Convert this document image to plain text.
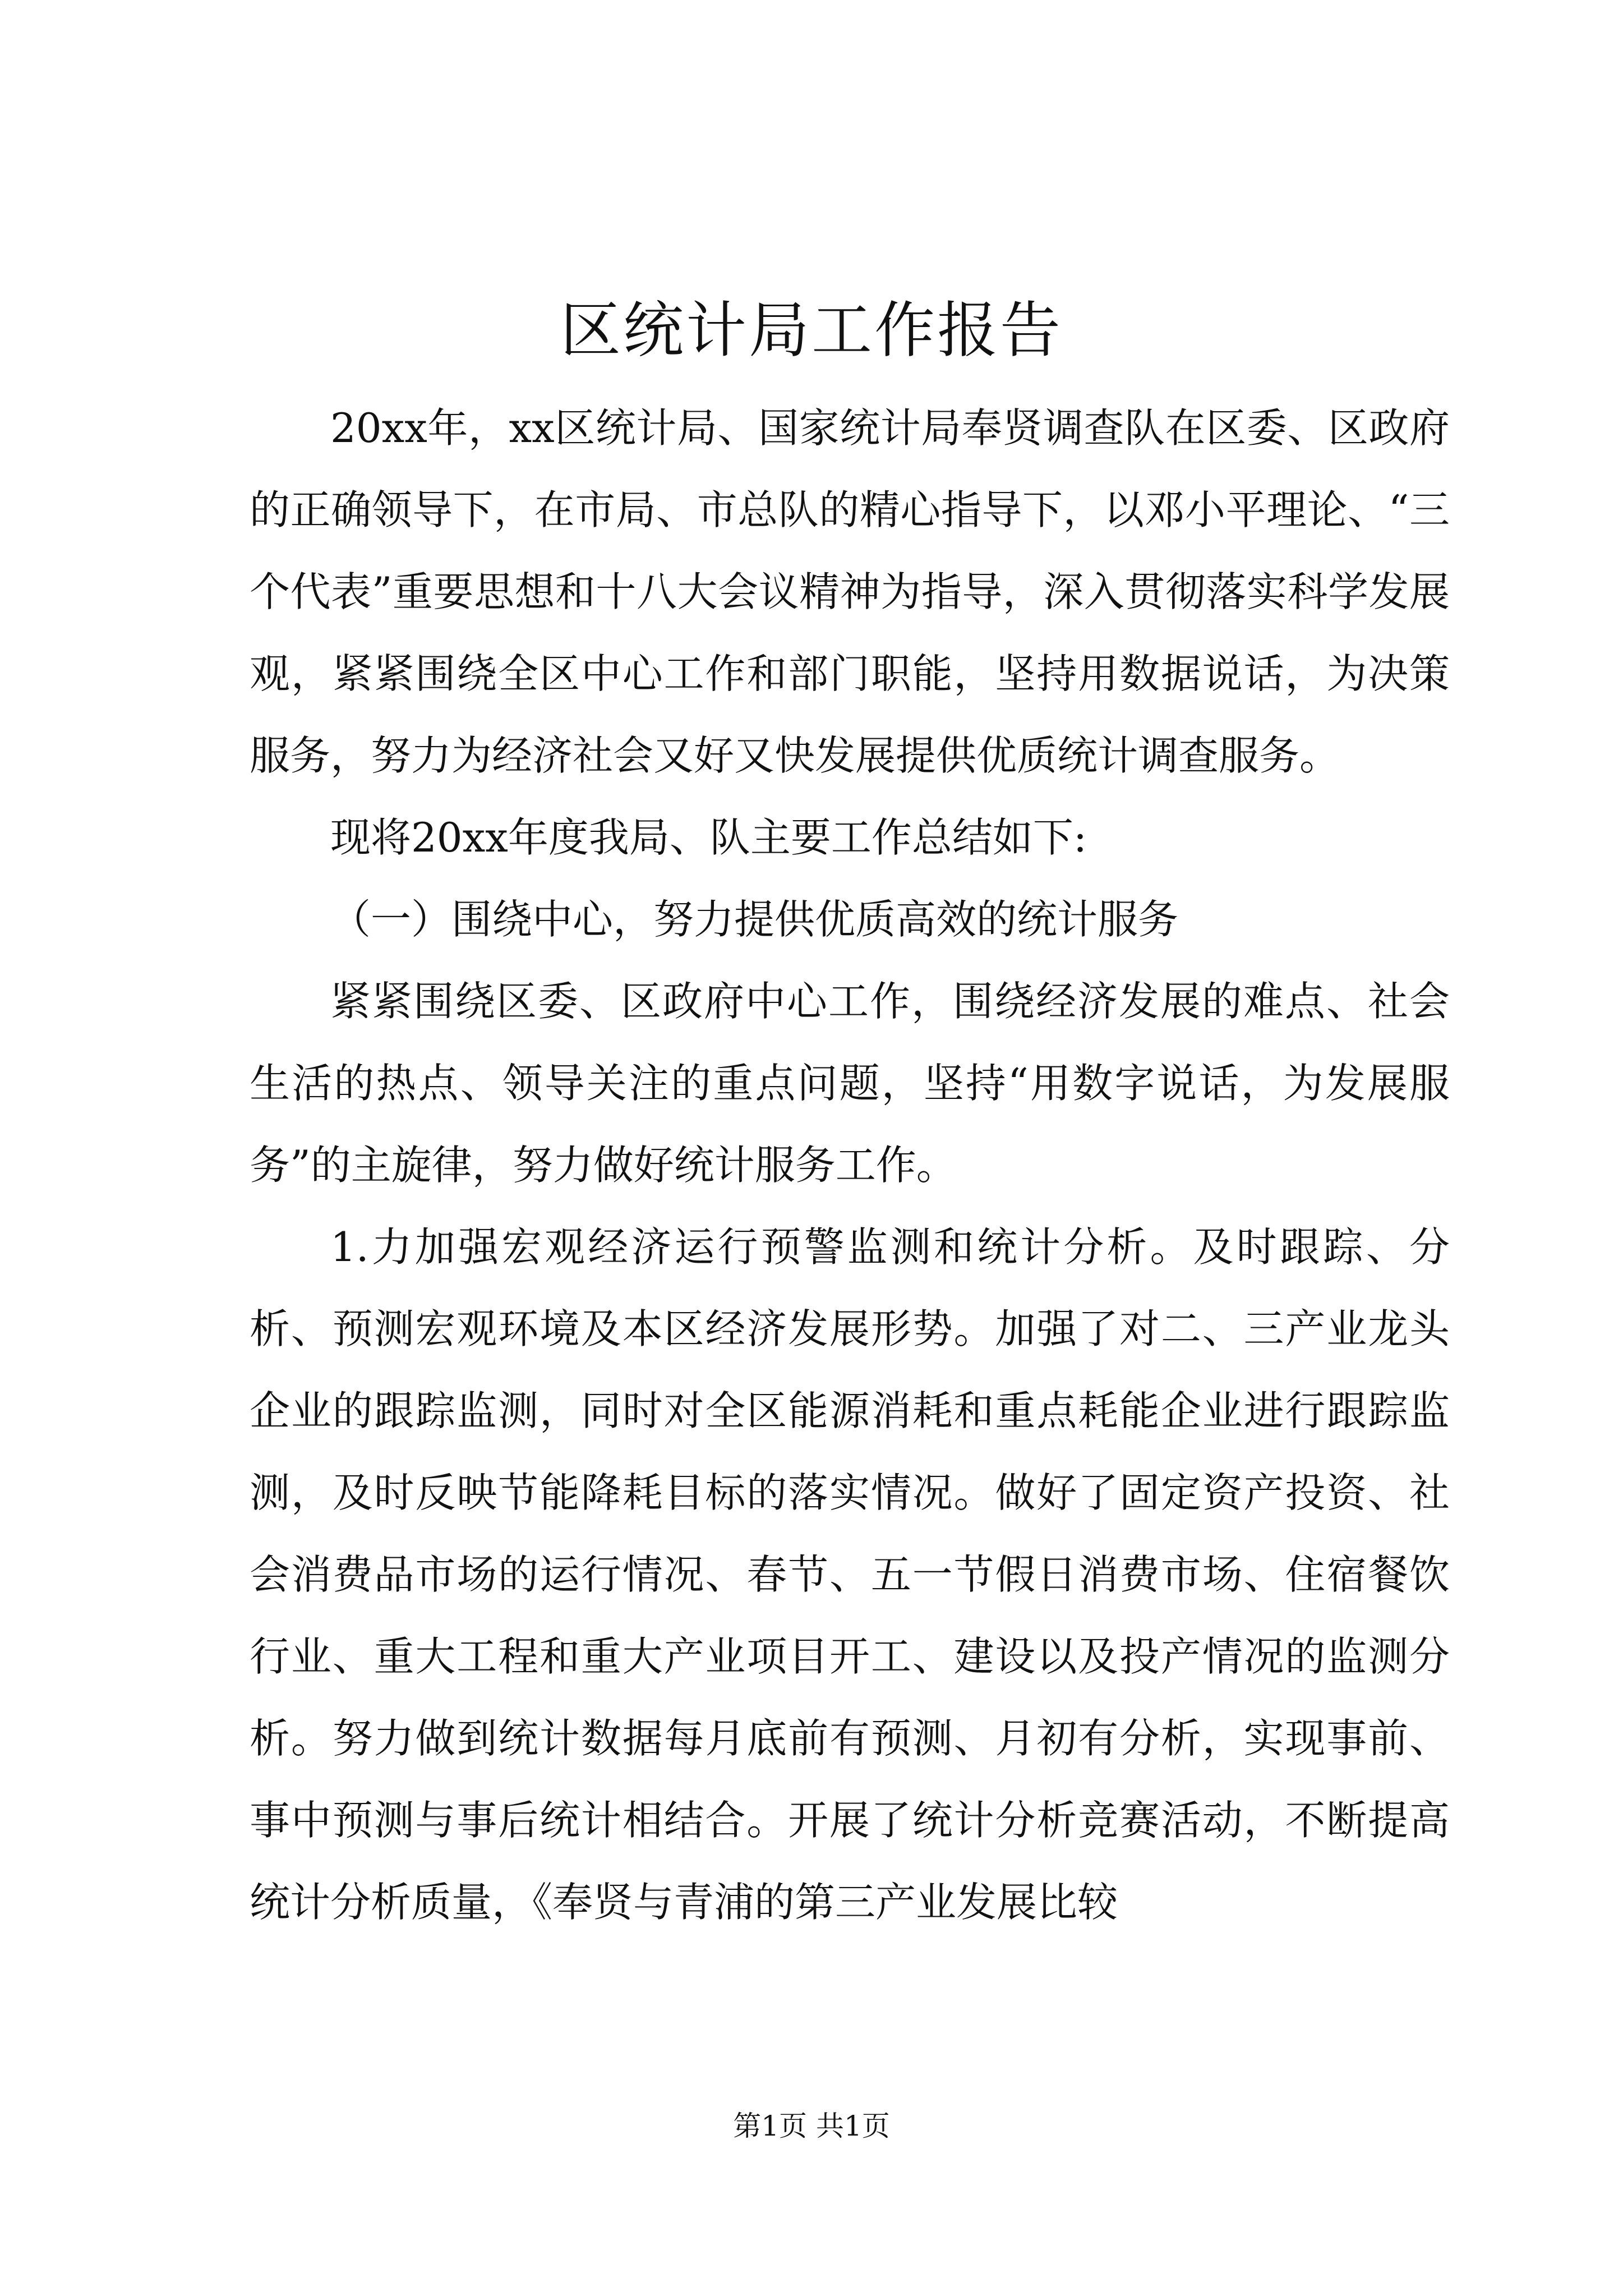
区统计局工作报告

20xx年，xx区统计局、国家统计局奉贤调查队在区委、区政府的正确领导下，在市局、市总队的精心指导下，以邓小平理论、“三个代表”重要思想和十八大会议精神为指导，深入贯彻落实科学发展观，紧紧围绕全区中心工作和部门职能，坚持用数据说话，为决策服务，努力为经济社会又好又快发展提供优质统计调查服务。

现将20xx年度我局、队主要工作总结如下:

（一）围绕中心，努力提供优质高效的统计服务

紧紧围绕区委、区政府中心工作，围绕经济发展的难点、社会生活的热点、领导关注的重点问题，坚持“用数字说话，为发展服务”的主旋律，努力做好统计服务工作。

1.力加强宏观经济运行预警监测和统计分析。及时跟踪、分析、预测宏观环境及本区经济发展形势。加强了对二、三产业龙头企业的跟踪监测，同时对全区能源消耗和重点耗能企业进行跟踪监测，及时反映节能降耗目标的落实情况。做好了固定资产投资、社会消费品市场的运行情况、春节、五一节假日消费市场、住宿餐饮行业、重大工程和重大产业项目开工、建设以及投产情况的监测分析。努力做到统计数据每月底前有预测、月初有分析，实现事前、事中预测与事后统计相结合。开展了统计分析竞赛活动，不断提高统计分析质量，《奉贤与青浦的第三产业发展比较

第1页 共1页
